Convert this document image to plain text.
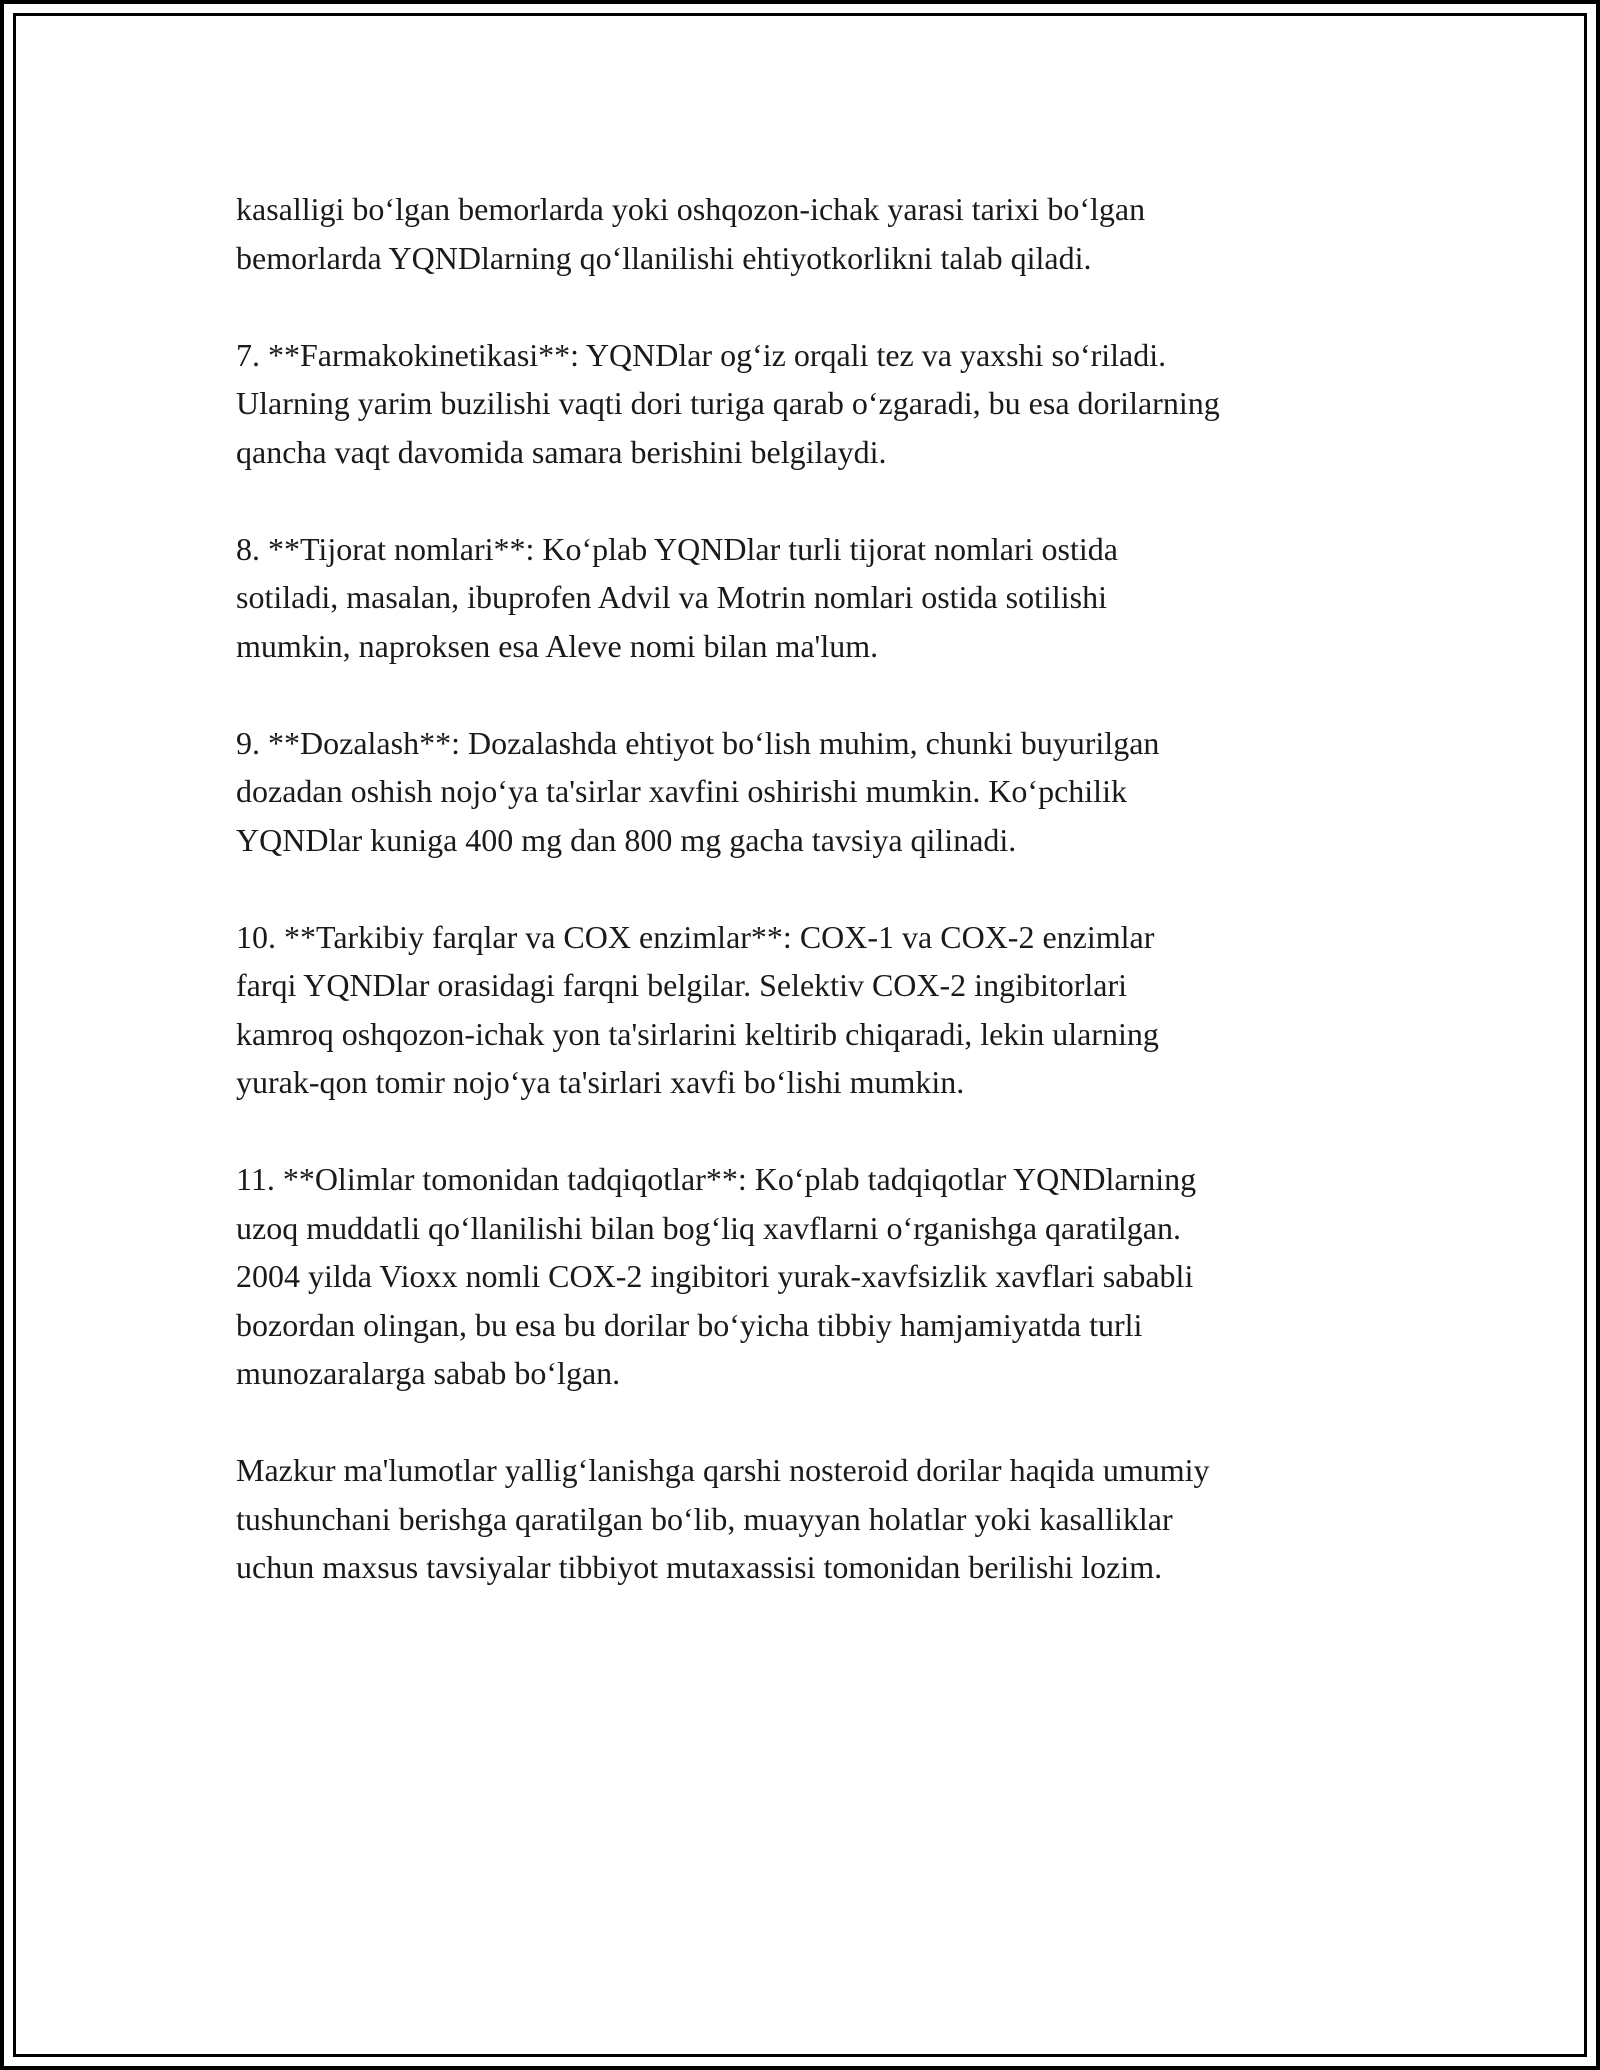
kasalligi bo‘lgan bemorlarda yoki oshqozon-ichak yarasi tarixi bo‘lgan
bemorlarda YQNDlarning qo‘llanilishi ehtiyotkorlikni talab qiladi.

7. **Farmakokinetikasi**: YQNDlar og‘iz orqali tez va yaxshi so‘riladi.
Ularning yarim buzilishi vaqti dori turiga qarab o‘zgaradi, bu esa dorilarning
qancha vaqt davomida samara berishini belgilaydi.

8. **Tijorat nomlari**: Ko‘plab YQNDlar turli tijorat nomlari ostida
sotiladi, masalan, ibuprofen Advil va Motrin nomlari ostida sotilishi
mumkin, naproksen esa Aleve nomi bilan ma'lum.

9. **Dozalash**: Dozalashda ehtiyot bo‘lish muhim, chunki buyurilgan
dozadan oshish nojo‘ya ta'sirlar xavfini oshirishi mumkin. Ko‘pchilik
YQNDlar kuniga 400 mg dan 800 mg gacha tavsiya qilinadi.

10. **Tarkibiy farqlar va COX enzimlar**: COX-1 va COX-2 enzimlar
farqi YQNDlar orasidagi farqni belgilar. Selektiv COX-2 ingibitorlari
kamroq oshqozon-ichak yon ta'sirlarini keltirib chiqaradi, lekin ularning
yurak-qon tomir nojo‘ya ta'sirlari xavfi bo‘lishi mumkin.

11. **Olimlar tomonidan tadqiqotlar**: Ko‘plab tadqiqotlar YQNDlarning
uzoq muddatli qo‘llanilishi bilan bog‘liq xavflarni o‘rganishga qaratilgan.
2004 yilda Vioxx nomli COX-2 ingibitori yurak-xavfsizlik xavflari sababli
bozordan olingan, bu esa bu dorilar bo‘yicha tibbiy hamjamiyatda turli
munozaralarga sabab bo‘lgan.

Mazkur ma'lumotlar yallig‘lanishga qarshi nosteroid dorilar haqida umumiy
tushunchani berishga qaratilgan bo‘lib, muayyan holatlar yoki kasalliklar
uchun maxsus tavsiyalar tibbiyot mutaxassisi tomonidan berilishi lozim.
